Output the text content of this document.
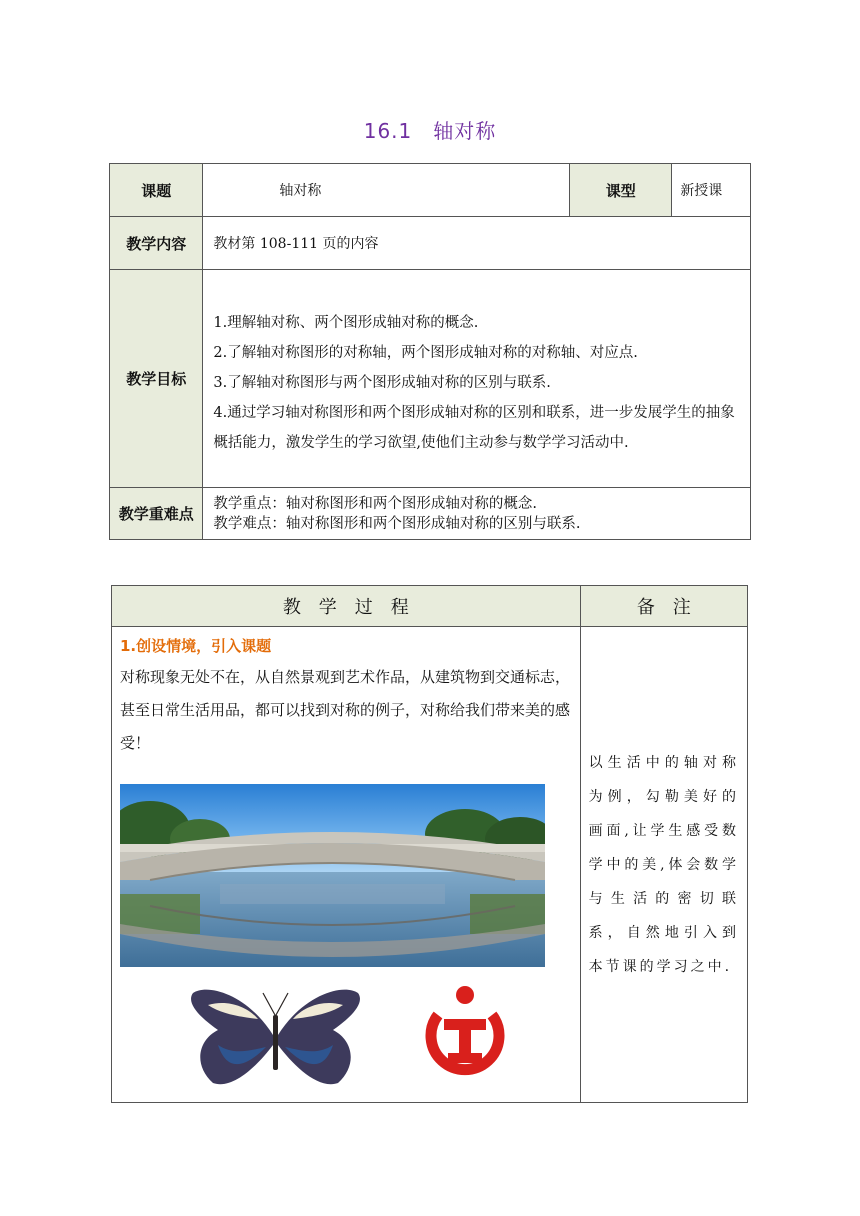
16.1　轴对称
课题	轴对称	课型	新授课
教学内容	教材第 108-111 页的内容		
教学目标	1.理解轴对称、两个图形成轴对称的概念.
2.了解轴对称图形的对称轴，两个图形成轴对称的对称轴、对应点.
3.了解轴对称图形与两个图形成轴对称的区别与联系.
4.通过学习轴对称图形和两个图形成轴对称的区别和联系，进一步发展学生的抽象概括能力，激发学生的学习欲望,使他们主动参与数学学习活动中.		

教学重难点	教学重点：轴对称图形和两个图形成轴对称的概念.
教学难点：轴对称图形和两个图形成轴对称的区别与联系.		
教　学　过　程	备　注

1.创设情境，引入课题
对称现象无处不在，从自然景观到艺术作品，从建筑物到交通标志，甚至日常生活用品，都可以找到对称的例子，对称给我们带来美的感受！	以生活中的轴对称为例，勾勒美好的画面,让学生感受数学中的美,体会数学与生活的密切联系，自然地引入到本节课的学习之中.
